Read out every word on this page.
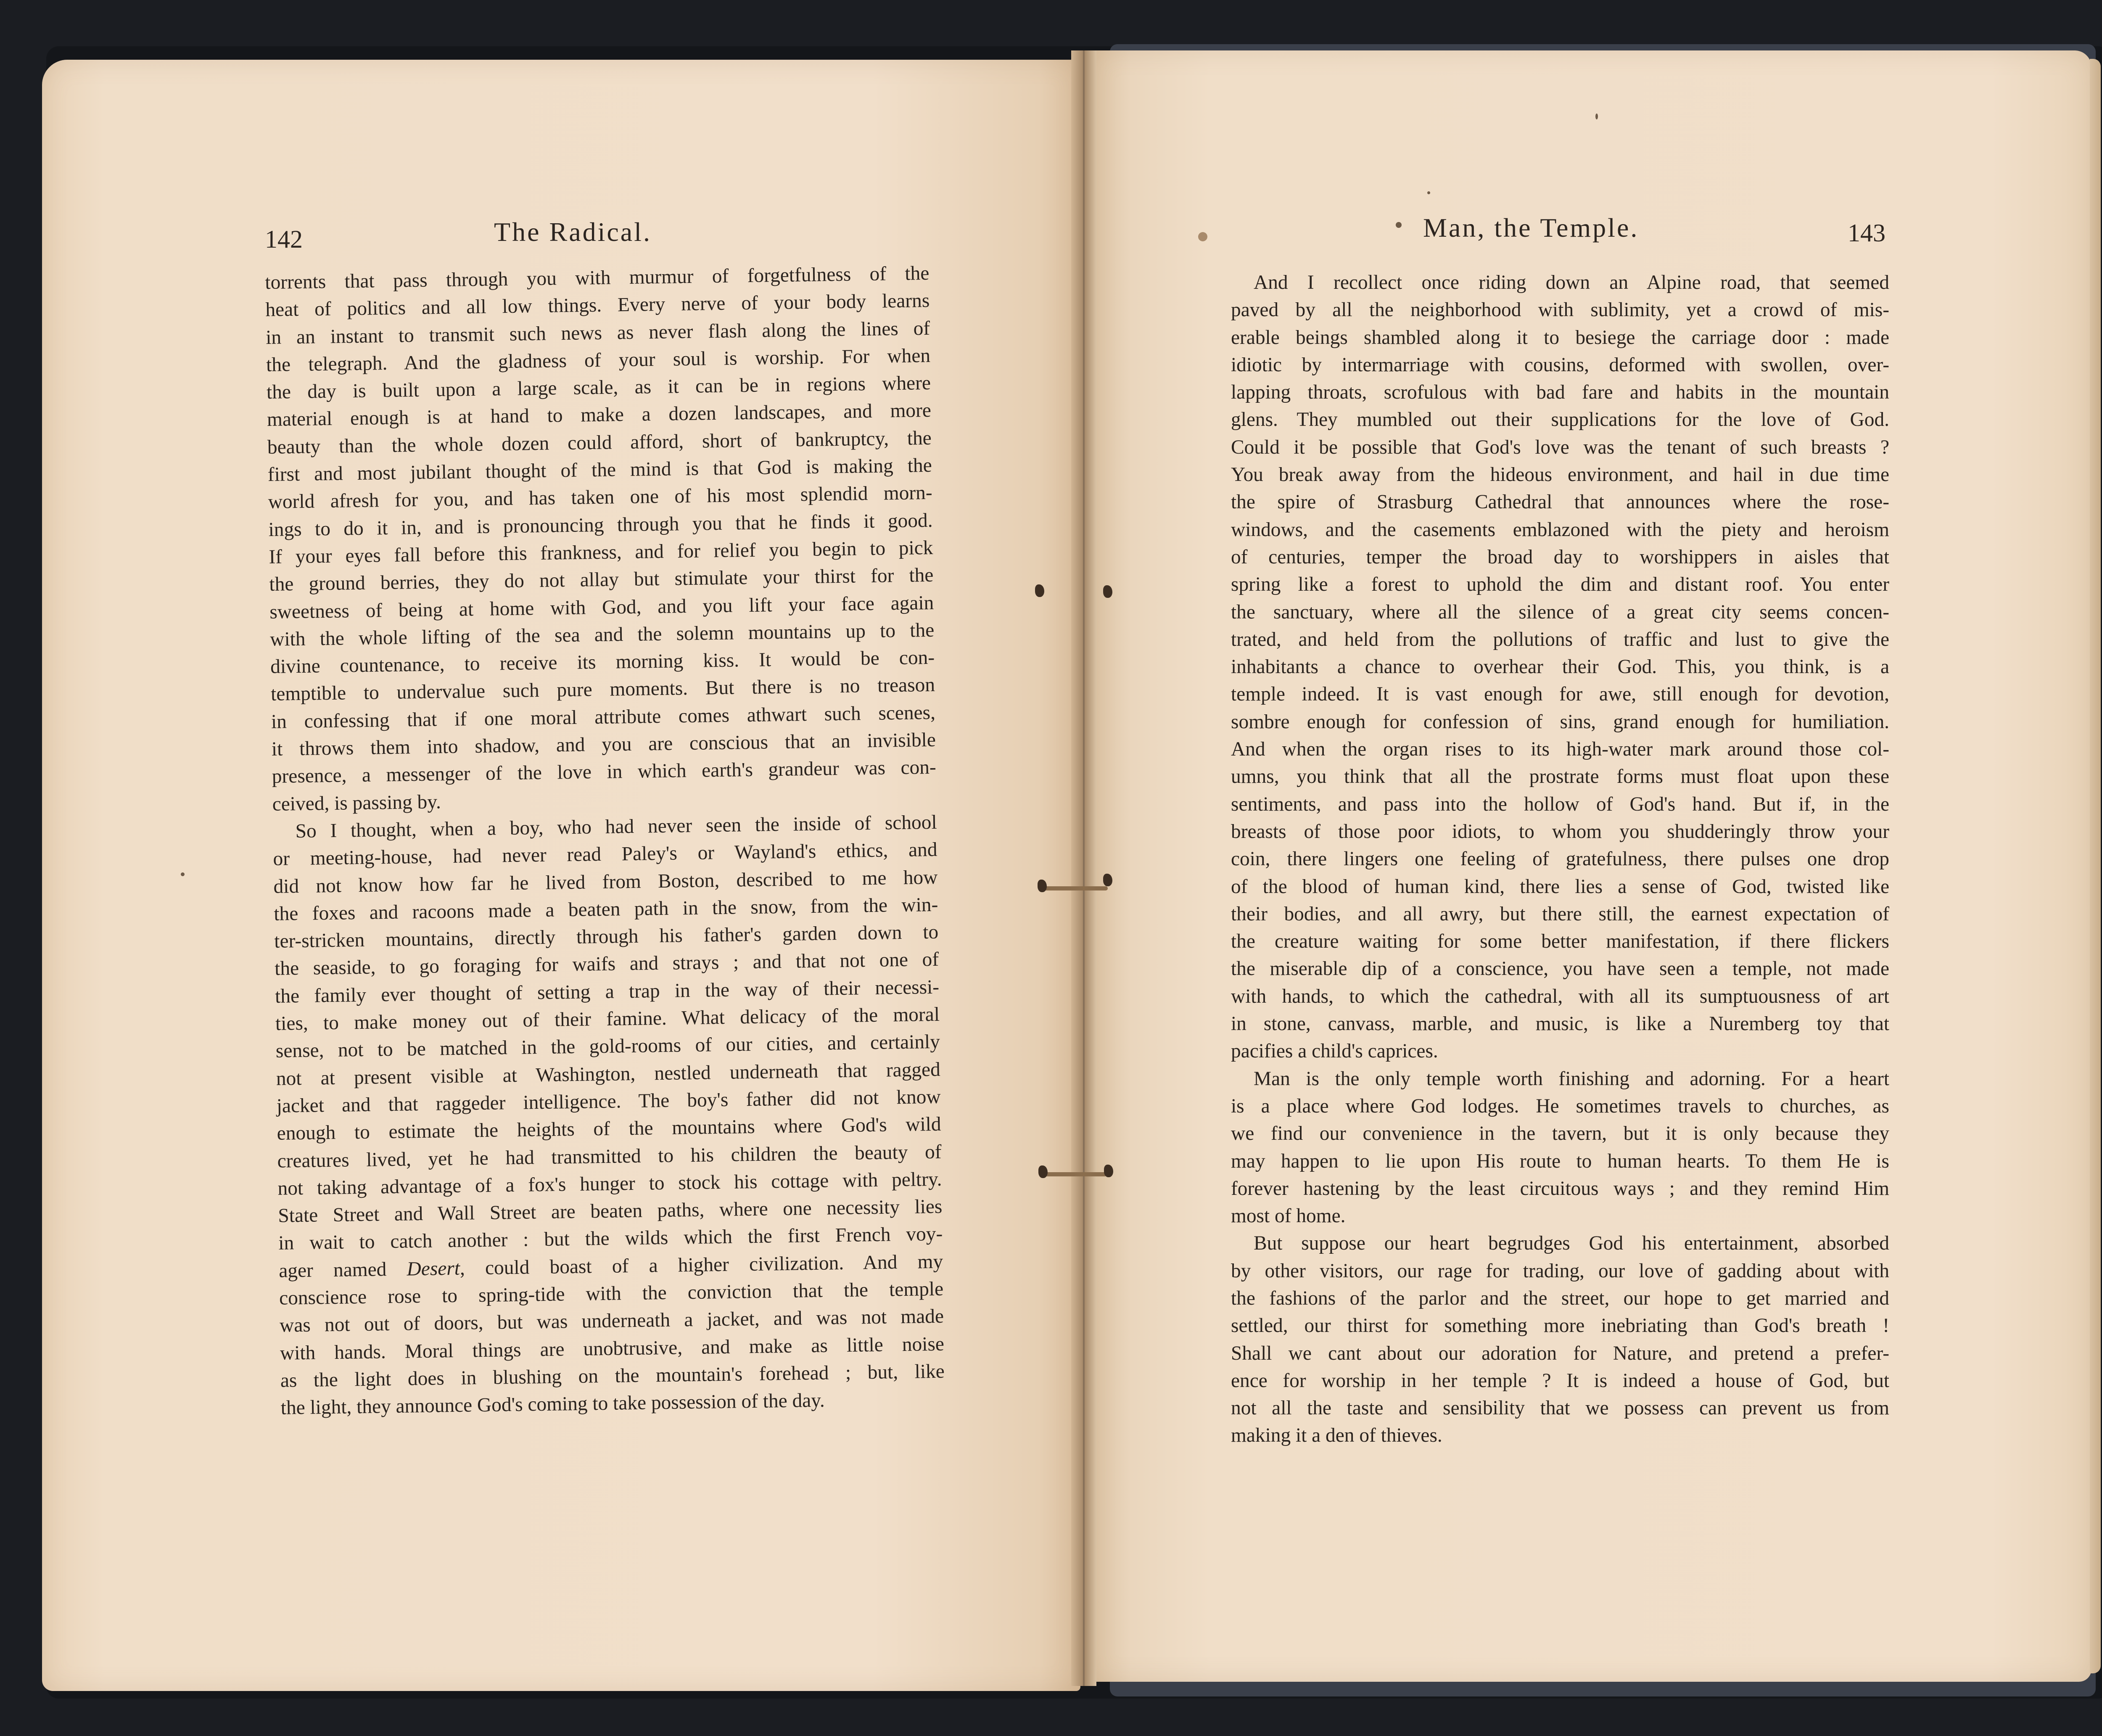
142	The Radical.
torrents that pass through you with murmur of forgetfulness of the
heat of politics and all low things. Every nerve of your body learns
in an instant to transmit such news as never flash along the lines of
the telegraph. And the gladness of your soul is worship. For when
the day is built upon a large scale, as it can be in regions where
material enough is at hand to make a dozen landscapes, and more
beauty than the whole dozen could afford, short of bankruptcy, the
first and most jubilant thought of the mind is that God is making the
world afresh for you, and has taken one of his most splendid morn-
ings to do it in, and is pronouncing through you that he finds it good.
If your eyes fall before this frankness, and for relief you begin to pick
the ground berries, they do not allay but stimulate your thirst for the
sweetness of being at home with God, and you lift your face again
with the whole lifting of the sea and the solemn mountains up to the
divine countenance, to receive its morning kiss. It would be con-
temptible to undervalue such pure moments. But there is no treason
in confessing that if one moral attribute comes athwart such scenes,
it throws them into shadow, and you are conscious that an invisible
presence, a messenger of the love in which earth's grandeur was con-
ceived, is passing by.
So I thought, when a boy, who had never seen the inside of school
or meeting-house, had never read Paley's or Wayland's ethics, and
did not know how far he lived from Boston, described to me how
the foxes and racoons made a beaten path in the snow, from the win-
ter-stricken mountains, directly through his father's garden down to
the seaside, to go foraging for waifs and strays ; and that not one of
the family ever thought of setting a trap in the way of their necessi-
ties, to make money out of their famine. What delicacy of the moral
sense, not to be matched in the gold-rooms of our cities, and certainly
not at present visible at Washington, nestled underneath that ragged
jacket and that raggeder intelligence. The boy's father did not know
enough to estimate the heights of the mountains where God's wild
creatures lived, yet he had transmitted to his children the beauty of
not taking advantage of a fox's hunger to stock his cottage with peltry.
State Street and Wall Street are beaten paths, where one necessity lies
in wait to catch another : but the wilds which the first French voy-
ager named Desert, could boast of a higher civilization. And my
conscience rose to spring-tide with the conviction that the temple
was not out of doors, but was underneath a jacket, and was not made
with hands. Moral things are unobtrusive, and make as little noise
as the light does in blushing on the mountain's forehead ; but, like
the light, they announce God's coming to take possession of the day.
Man, the Temple.	143
And I recollect once riding down an Alpine road, that seemed
paved by all the neighborhood with sublimity, yet a crowd of mis-
erable beings shambled along it to besiege the carriage door : made
idiotic by intermarriage with cousins, deformed with swollen, over-
lapping throats, scrofulous with bad fare and habits in the mountain
glens. They mumbled out their supplications for the love of God.
Could it be possible that God's love was the tenant of such breasts ?
You break away from the hideous environment, and hail in due time
the spire of Strasburg Cathedral that announces where the rose-
windows, and the casements emblazoned with the piety and heroism
of centuries, temper the broad day to worshippers in aisles that
spring like a forest to uphold the dim and distant roof. You enter
the sanctuary, where all the silence of a great city seems concen-
trated, and held from the pollutions of traffic and lust to give the
inhabitants a chance to overhear their God. This, you think, is a
temple indeed. It is vast enough for awe, still enough for devotion,
sombre enough for confession of sins, grand enough for humiliation.
And when the organ rises to its high-water mark around those col-
umns, you think that all the prostrate forms must float upon these
sentiments, and pass into the hollow of God's hand. But if, in the
breasts of those poor idiots, to whom you shudderingly throw your
coin, there lingers one feeling of gratefulness, there pulses one drop
of the blood of human kind, there lies a sense of God, twisted like
their bodies, and all awry, but there still, the earnest expectation of
the creature waiting for some better manifestation, if there flickers
the miserable dip of a conscience, you have seen a temple, not made
with hands, to which the cathedral, with all its sumptuousness of art
in stone, canvass, marble, and music, is like a Nuremberg toy that
pacifies a child's caprices.
Man is the only temple worth finishing and adorning. For a heart
is a place where God lodges. He sometimes travels to churches, as
we find our convenience in the tavern, but it is only because they
may happen to lie upon His route to human hearts. To them He is
forever hastening by the least circuitous ways ; and they remind Him
most of home.
But suppose our heart begrudges God his entertainment, absorbed
by other visitors, our rage for trading, our love of gadding about with
the fashions of the parlor and the street, our hope to get married and
settled, our thirst for something more inebriating than God's breath !
Shall we cant about our adoration for Nature, and pretend a prefer-
ence for worship in her temple ? It is indeed a house of God, but
not all the taste and sensibility that we possess can prevent us from
making it a den of thieves.
